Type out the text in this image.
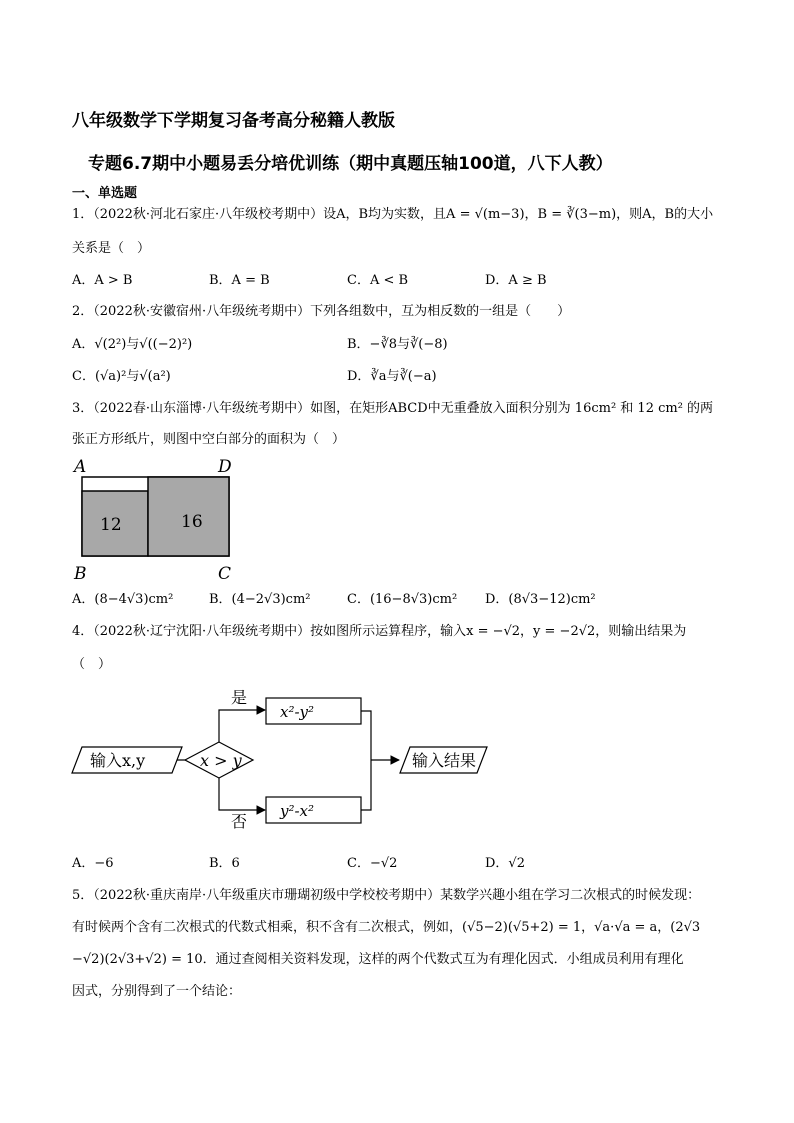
八年级数学下学期复习备考高分秘籍人教版
专题6.7期中小题易丢分培优训练（期中真题压轴100道，八下人教）
一、单选题
1．（2022秋·河北石家庄·八年级校考期中）设A，B均为实数，且A = √(m−3)，B = ∛(3−m)，则A，B的大小
关系是（　）
A．A > B	B．A = B	C．A < B	D．A ≥ B
2．（2022秋·安徽宿州·八年级统考期中）下列各组数中，互为相反数的一组是（　　）
A．√(2²)与√((−2)²)	B．−∛8与∛(−8)
C．(√a)²与√(a²)	D．∛a与∛(−a)
3．（2022春·山东淄博·八年级统考期中）如图，在矩形ABCD中无重叠放入面积分别为 16cm² 和 12 cm² 的两
张正方形纸片，则图中空白部分的面积为（　）
A	D
B	C
12	16
A．(8−4√3)cm²	B．(4−2√3)cm²	C．(16−8√3)cm² D．(8√3−12)cm²
4．（2022秋·辽宁沈阳·八年级统考期中）按如图所示运算程序，输入x = −√2，y = −2√2，则输出结果为
（　）
输入x,y	x > y
是
x²-y²
否
y²-x²
输入结果
A．−6	B．6	C．−√2	D．√2
5．（2022秋·重庆南岸·八年级重庆市珊瑚初级中学校校考期中）某数学兴趣小组在学习二次根式的时候发现：
有时候两个含有二次根式的代数式相乘，积不含有二次根式，例如，(√5−2)(√5+2) = 1，√a·√a = a，(2√3
−√2)(2√3+√2) = 10．通过查阅相关资料发现，这样的两个代数式互为有理化因式．小组成员利用有理化
因式，分别得到了一个结论：
